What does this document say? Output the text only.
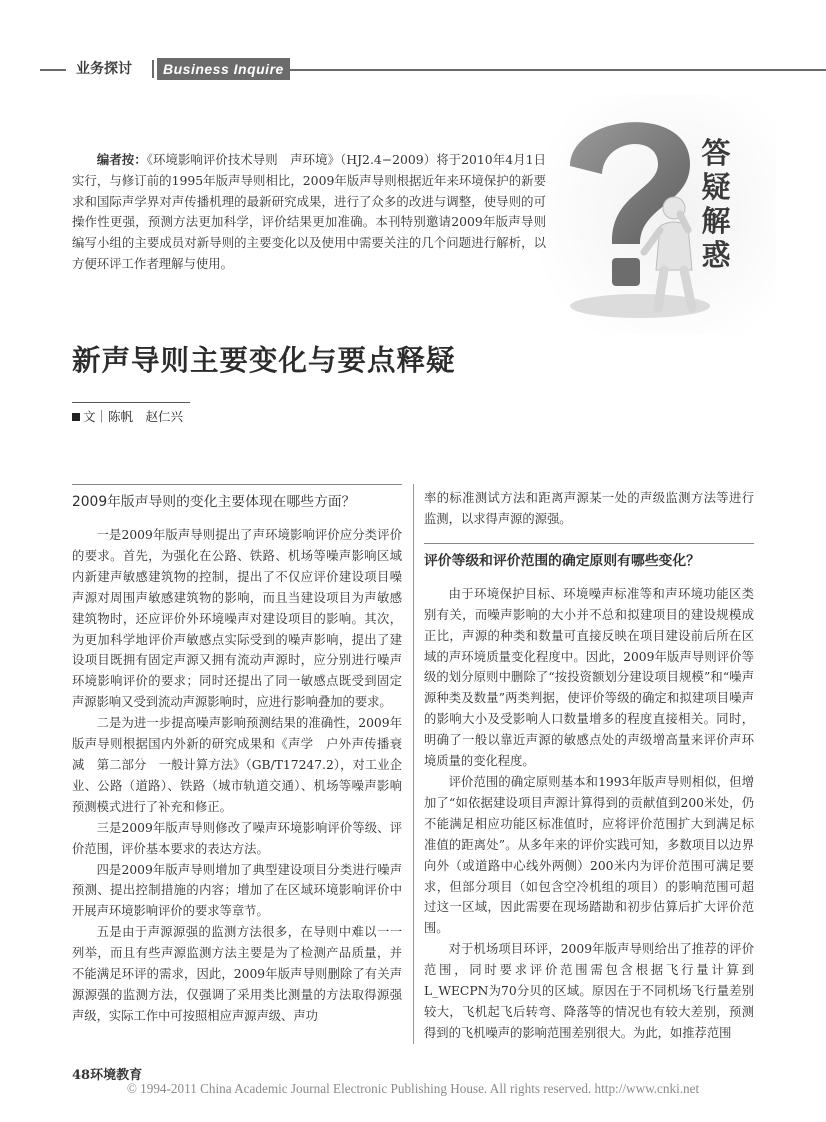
业务探讨	Business Inquire
答
疑
解
惑
编者按：《环境影响评价技术导则　声环境》（HJ2.4−2009）将于2010年4月1日实行，与修订前的1995年版声导则相比，2009年版声导则根据近年来环境保护的新要求和国际声学界对声传播机理的最新研究成果，进行了众多的改进与调整，使导则的可操作性更强，预测方法更加科学，评价结果更加准确。本刊特别邀请2009年版声导则编写小组的主要成员对新导则的主要变化以及使用中需要关注的几个问题进行解析，以方便环评工作者理解与使用。
新声导则主要变化与要点释疑
文｜陈帆　赵仁兴
2009年版声导则的变化主要体现在哪些方面？

一是2009年版声导则提出了声环境影响评价应分类评价的要求。首先，为强化在公路、铁路、机场等噪声影响区域内新建声敏感建筑物的控制，提出了不仅应评价建设项目噪声源对周围声敏感建筑物的影响，而且当建设项目为声敏感建筑物时，还应评价外环境噪声对建设项目的影响。其次，为更加科学地评价声敏感点实际受到的噪声影响，提出了建设项目既拥有固定声源又拥有流动声源时，应分别进行噪声环境影响评价的要求；同时还提出了同一敏感点既受到固定声源影响又受到流动声源影响时，应进行影响叠加的要求。

二是为进一步提高噪声影响预测结果的准确性，2009年版声导则根据国内外新的研究成果和《声学　户外声传播衰减　第二部分　一般计算方法》（GB/T17247.2），对工业企业、公路（道路）、铁路（城市轨道交通）、机场等噪声影响预测模式进行了补充和修正。

三是2009年版声导则修改了噪声环境影响评价等级、评价范围，评价基本要求的表达方法。

四是2009年版声导则增加了典型建设项目分类进行噪声预测、提出控制措施的内容；增加了在区域环境影响评价中开展声环境影响评价的要求等章节。

五是由于声源源强的监测方法很多，在导则中难以一一列举，而且有些声源监测方法主要是为了检测产品质量，并不能满足环评的需求，因此，2009年版声导则删除了有关声源源强的监测方法，仅强调了采用类比测量的方法取得源强声级，实际工作中可按照相应声源声级、声功

率的标准测试方法和距离声源某一处的声级监测方法等进行监测，以求得声源的源强。

评价等级和评价范围的确定原则有哪些变化？

由于环境保护目标、环境噪声标准等和声环境功能区类别有关，而噪声影响的大小并不总和拟建项目的建设规模成正比，声源的种类和数量可直接反映在项目建设前后所在区域的声环境质量变化程度中。因此，2009年版声导则评价等级的划分原则中删除了“按投资额划分建设项目规模”和“噪声源种类及数量”两类判据，使评价等级的确定和拟建项目噪声的影响大小及受影响人口数量增多的程度直接相关。同时，明确了一般以靠近声源的敏感点处的声级增高量来评价声环境质量的变化程度。

评价范围的确定原则基本和1993年版声导则相似，但增加了“如依据建设项目声源计算得到的贡献值到200米处，仍不能满足相应功能区标准值时，应将评价范围扩大到满足标准值的距离处”。从多年来的评价实践可知，多数项目以边界向外（或道路中心线外两侧）200米内为评价范围可满足要求，但部分项目（如包含空冷机组的项目）的影响范围可超过这一区域，因此需要在现场踏勘和初步估算后扩大评价范围。

对于机场项目环评，2009年版声导则给出了推荐的评价范围，同时要求评价范围需包含根据飞行量计算到L_WECPN为70分贝的区域。原因在于不同机场飞行量差别较大，飞机起飞后转弯、降落等的情况也有较大差别，预测得到的飞机噪声的影响范围差别很大。为此，如推荐范围

48环境教育
© 1994-2011 China Academic Journal Electronic Publishing House. All rights reserved. http://www.cnki.net
